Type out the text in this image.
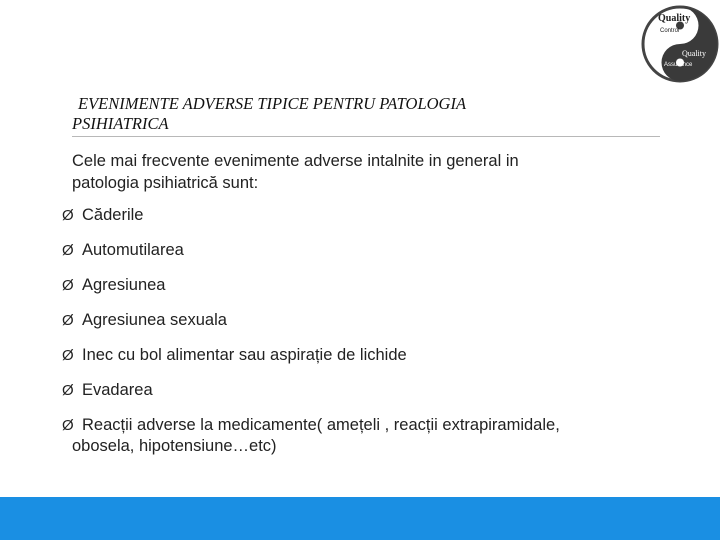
Quality
Control
Quality
Assurance
EVENIMENTE ADVERSE TIPICE PENTRU PATOLOGIA
PSIHIATRICA
Cele mai frecvente evenimente adverse intalnite in general in
patologia psihiatrică sunt:
Ø Căderile
Ø Automutilarea
Ø Agresiunea
Ø Agresiunea sexuala
Ø Inec cu bol alimentar sau aspirație de lichide
Ø Evadarea
Ø Reacții adverse la medicamente( amețeli , reacții extrapiramidale,
obosela, hipotensiune…etc)
